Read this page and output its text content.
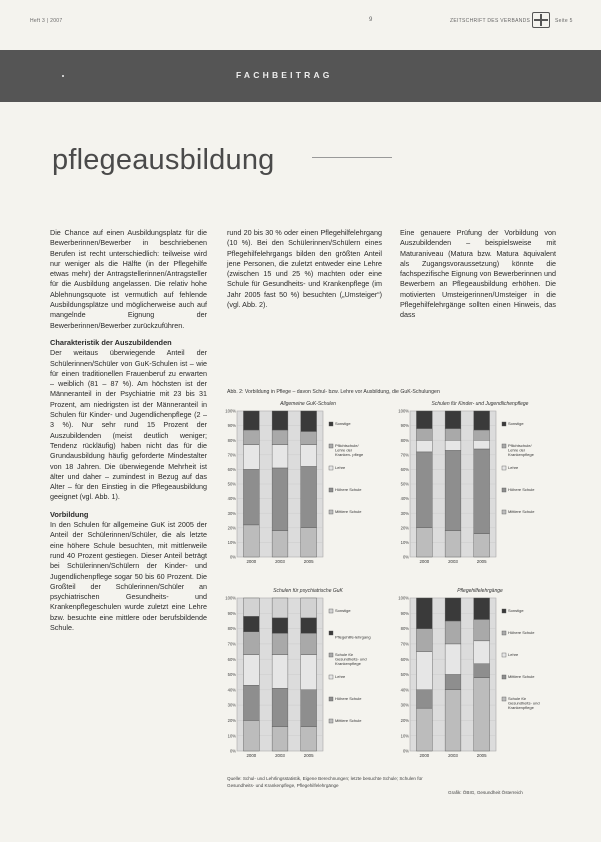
Heft 3 | 2007	9	ZEITSCHRIFT DES VERBANDS	Seite 5
FACHBEITRAG
pflegeausbildung

Die Chance auf einen Ausbildungsplatz für die Bewerberinnen/Bewerber in beschriebenen Berufen ist recht unterschiedlich: teilweise wird nur weniger als die Hälfte (in der Pflegehilfe etwas mehr) der Antragstellerinnen/Antragsteller für die Ausbildung angelassen. Die relativ hohe Ablehnungsquote ist vermutlich auf fehlende Ausbildungsplätze und möglicherweise auch auf mangelnde Eignung der Bewerberinnen/Bewerber zurückzuführen.

Charakteristik der Auszubildenden

Der weitaus überwiegende Anteil der Schülerinnen/Schüler von GuK-Schulen ist – wie für einen traditionellen Frauenberuf zu erwarten – weiblich (81 – 87 %). Am höchsten ist der Männeranteil in der Psychiatrie mit 23 bis 31 Prozent, am niedrigsten ist der Männeranteil in Schulen für Kinder- und Jugendlichenpflege (2 – 3 %). Nur sehr rund 15 Prozent der Auszubildenden (meist deutlich weniger; Tendenz rückläufig) haben nicht das für die Grundausbildung häufig geforderte Mindestalter von 18 Jahren. Die überwiegende Mehrheit ist älter und daher – zumindest in Bezug auf das Alter – für den Einstieg in die Pflegeausbildung geeignet (vgl. Abb. 1).

Vorbildung

In den Schulen für allgemeine GuK ist 2005 der Anteil der Schülerinnen/Schüler, die als letzte eine höhere Schule besuchten, mit mittlerweile rund 40 Prozent gestiegen. Dieser Anteil beträgt bei Schülerinnen/Schülern der Kinder- und Jugendlichenpflege sogar 50 bis 60 Prozent. Die Großteil der Schülerinnen/Schüler an psychiatrischen Gesundheits- und Krankenpflegeschulen wurde zuletzt eine Lehre bzw. besuchte eine mittlere oder berufsbildende Schule.

rund 20 bis 30 % oder einen Pflegehilfelehrgang (10 %). Bei den Schülerinnen/Schülern eines Pflegehilfelehrgangs bilden den größten Anteil jene Personen, die zuletzt entweder eine Lehre (zwischen 15 und 25 %) machten oder eine Schule für Gesundheits- und Krankenpflege (im Jahr 2005 fast 50 %) besuchten („Umsteiger“) (vgl. Abb. 2).

Eine genauere Prüfung der Vorbildung von Auszubildenden – beispielsweise mit Maturaniveau (Matura bzw. Matura äquivalent als Zugangsvoraussetzung) könnte die fachspezifische Eignung von Bewerberinnen und Bewerbern an Pflegeausbildung erhöhen. Die motivierten Umsteigerinnen/Umsteiger in die Pflegehilfelehrgänge sollten einen Hinweis, das dass

Abb. 2: Vorbildung in Pflege – davon Schul- bzw. Lehre vor Ausbildung, die GuK-Schulungen
Allgemeine GuK-Schulen
0%
10%
20%
30%
40%
50%
60%
70%
80%
90%
100%
2000	2003	2005
Sonstige
Pflichtschule/ Lehre der Kranken- pflege
Lehre
Höhere Schule
Mittlere Schule
Schulen für Kinder- und Jugendlichenpflege
0%
10%
20%
30%
40%
50%
60%
70%
80%
90%
100%
2000	2003	2005
Sonstige
Pflichtschule/ Lehre der Krankenpflege
Lehre
Höhere Schule
Mittlere Schule
Schulen für psychiatrische GuK
0%
10%
20%
30%
40%
50%
60%
70%
80%
90%
100%
2000	2003	2005
Sonstige
Pflegehilfe-lehrgang
Schule für Gesundheits- und Krankenpflege
Lehre
Höhere Schule
Mittlere Schule
Pflegehilfelehrgänge
0%
10%
20%
30%
40%
50%
60%
70%
80%
90%
100%
2000	2003	2005
Sonstige
Höhere Schule
Lehre
Mittlere Schule
Schule für Gesundheits- und Krankenpflege
Quelle: Schul- und Lehrlingsstatistik, Eigene Berechnungen; letzte besuchte Schule; Schulen für Gesundheits- und Krankenpflege, Pflegehilfelehrgänge
Grafik: ÖBIG, Gesundheit Österreich
